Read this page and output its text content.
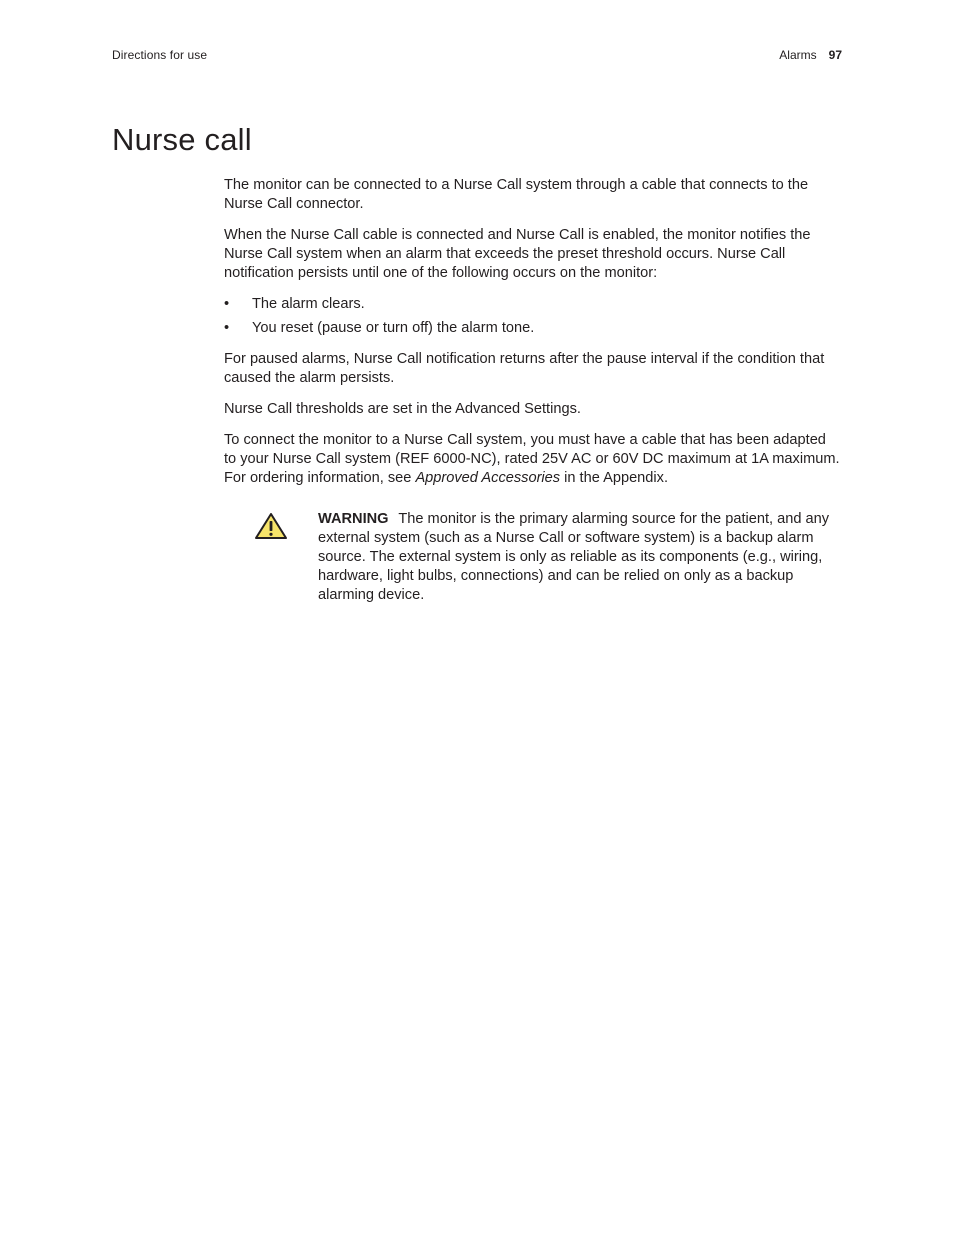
Directions for use	Alarms 97
Nurse call

The monitor can be connected to a Nurse Call system through a cable that connects to the Nurse Call connector.

When the Nurse Call cable is connected and Nurse Call is enabled, the monitor notifies the Nurse Call system when an alarm that exceeds the preset threshold occurs. Nurse Call notification persists until one of the following occurs on the monitor:

• The alarm clears.
• You reset (pause or turn off) the alarm tone.

For paused alarms, Nurse Call notification returns after the pause interval if the condition that caused the alarm persists.

Nurse Call thresholds are set in the Advanced Settings.

To connect the monitor to a Nurse Call system, you must have a cable that has been adapted to your Nurse Call system (REF 6000-NC), rated 25V AC or 60V DC maximum at 1A maximum. For ordering information, see Approved Accessories in the Appendix.

WARNING The monitor is the primary alarming source for the patient, and any external system (such as a Nurse Call or software system) is a backup alarm source. The external system is only as reliable as its components (e.g., wiring, hardware, light bulbs, connections) and can be relied on only as a backup alarming device.
